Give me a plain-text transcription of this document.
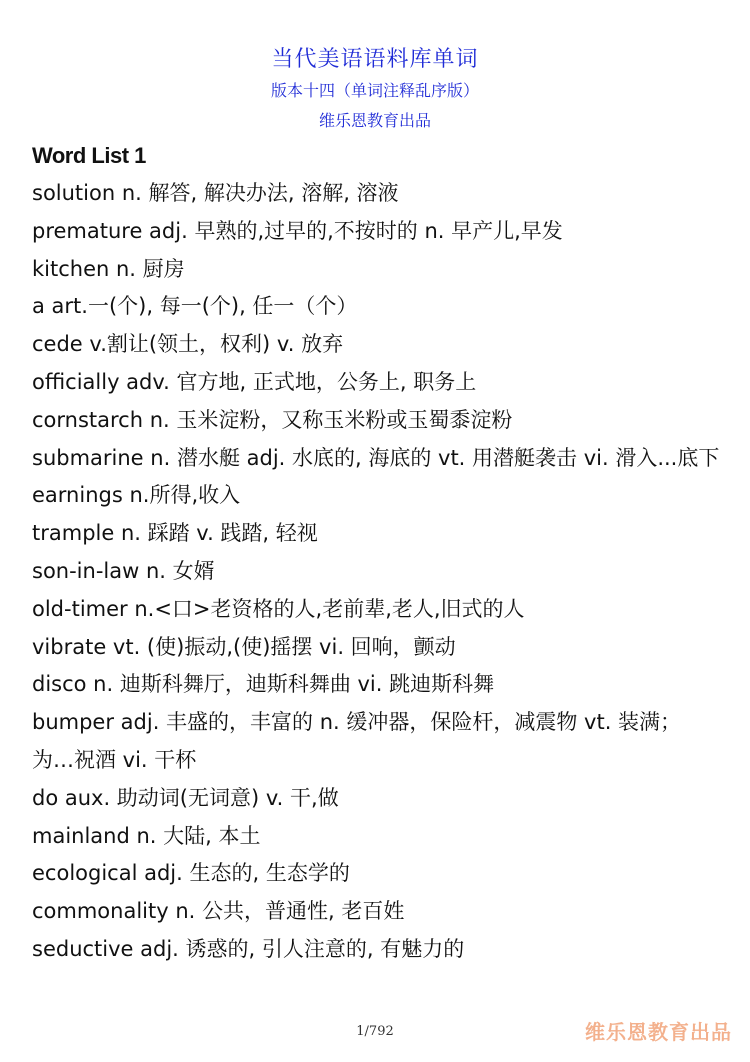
当代美语语料库单词
版本十四（单词注释乱序版）
维乐恩教育出品
Word List 1

solution n. 解答, 解决办法, 溶解, 溶液

premature adj. 早熟的,过早的,不按时的 n. 早产儿,早发

kitchen n. 厨房

a art.一(个), 每一(个), 任一（个）

cede v.割让(领土，权利) v. 放弃

officially adv. 官方地, 正式地，公务上, 职务上

cornstarch n. 玉米淀粉，又称玉米粉或玉蜀黍淀粉

submarine n. 潜水艇 adj. 水底的, 海底的 vt. 用潜艇袭击 vi. 滑入...底下

earnings n.所得,收入

trample n. 踩踏 v. 践踏, 轻视

son-in-law n. 女婿

old-timer n.<口>老资格的人,老前辈,老人,旧式的人

vibrate vt. (使)振动,(使)摇摆 vi. 回响，颤动

disco n. 迪斯科舞厅，迪斯科舞曲 vi. 跳迪斯科舞

bumper adj. 丰盛的，丰富的 n. 缓冲器，保险杆，减震物 vt. 装满；为…祝酒 vi. 干杯

do aux. 助动词(无词意) v. 干,做

mainland n. 大陆, 本土

ecological adj. 生态的, 生态学的

commonality n. 公共，普通性, 老百姓

seductive adj. 诱惑的, 引人注意的, 有魅力的

1/792	维乐恩教育出品
